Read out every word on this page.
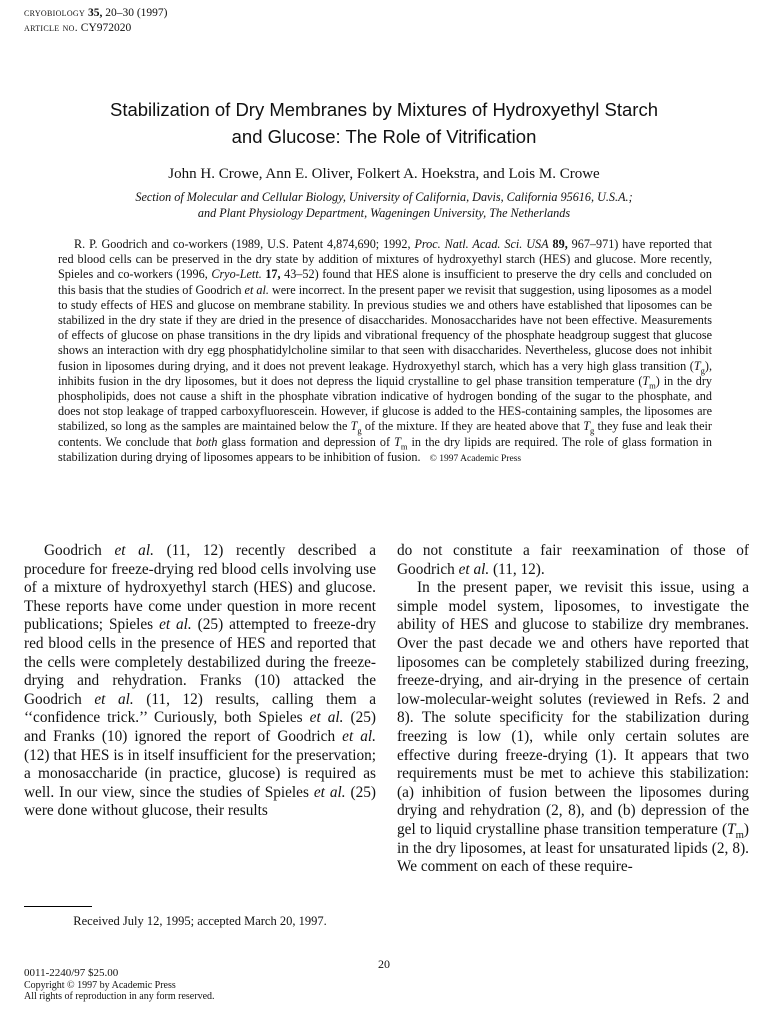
cryobiology 35, 20–30 (1997)
article no. CY972020
Stabilization of Dry Membranes by Mixtures of Hydroxyethyl Starch
and Glucose: The Role of Vitrification
John H. Crowe, Ann E. Oliver, Folkert A. Hoekstra, and Lois M. Crowe
Section of Molecular and Cellular Biology, University of California, Davis, California 95616, U.S.A.;
and Plant Physiology Department, Wageningen University, The Netherlands
R. P. Goodrich and co-workers (1989, U.S. Patent 4,874,690; 1992, Proc. Natl. Acad. Sci. USA 89, 967–971) have reported that red blood cells can be preserved in the dry state by addition of mixtures of hydroxyethyl starch (HES) and glucose. More recently, Spieles and co-workers (1996, Cryo-Lett. 17, 43–52) found that HES alone is insufficient to preserve the dry cells and concluded on this basis that the studies of Goodrich et al. were incorrect. In the present paper we revisit that suggestion, using liposomes as a model to study effects of HES and glucose on membrane stability. In previous studies we and others have established that liposomes can be stabilized in the dry state if they are dried in the presence of disaccharides. Monosaccharides have not been effective. Measurements of effects of glucose on phase transitions in the dry lipids and vibrational frequency of the phosphate headgroup suggest that glucose shows an interaction with dry egg phosphatidylcholine similar to that seen with disaccharides. Nevertheless, glucose does not inhibit fusion in liposomes during drying, and it does not prevent leakage. Hydroxyethyl starch, which has a very high glass transition $(T_g)$, inhibits fusion in the dry liposomes, but it does not depress the liquid crystalline to gel phase transition temperature $(T_m)$ in the dry phospholipids, does not cause a shift in the phosphate vibration indicative of hydrogen bonding of the sugar to the phosphate, and does not stop leakage of trapped carboxyfluorescein. However, if glucose is added to the HES-containing samples, the liposomes are stabilized, so long as the samples are maintained below the $T_g$ of the mixture. If they are heated above that $T_g$ they fuse and leak their contents. We conclude that both glass formation and depression of $T_m$ in the dry lipids are required. The role of glass formation in stabilization during drying of liposomes appears to be inhibition of fusion. © 1997 Academic Press

Goodrich et al. (11, 12) recently described a procedure for freeze-drying red blood cells involving use of a mixture of hydroxyethyl starch (HES) and glucose. These reports have come under question in more recent publications; Spieles et al. (25) attempted to freeze-dry red blood cells in the presence of HES and reported that the cells were completely destabilized during the freeze-drying and rehydration. Franks (10) attacked the Goodrich et al. (11, 12) results, calling them a ‘‘confidence trick.’’ Curiously, both Spieles et al. (25) and Franks (10) ignored the report of Goodrich et al. (12) that HES is in itself insufficient for the preservation; a monosaccharide (in practice, glucose) is required as well. In our view, since the studies of Spieles et al. (25) were done without glucose, their results

do not constitute a fair reexamination of those of Goodrich et al. (11, 12).

In the present paper, we revisit this issue, using a simple model system, liposomes, to investigate the ability of HES and glucose to stabilize dry membranes. Over the past decade we and others have reported that liposomes can be completely stabilized during freezing, freeze-drying, and air-drying in the presence of certain low-molecular-weight solutes (reviewed in Refs. 2 and 8). The solute specificity for the stabilization during freezing is low (1), while only certain solutes are effective during freeze-drying (1). It appears that two requirements must be met to achieve this stabilization: (a) inhibition of fusion between the liposomes during drying and rehydration (2, 8), and (b) depression of the gel to liquid crystalline phase transition temperature $(T_m)$ in the dry liposomes, at least for unsaturated lipids (2, 8). We comment on each of these require-

Received July 12, 1995; accepted March 20, 1997.
20
0011-2240/97 $25.00
Copyright © 1997 by Academic Press
All rights of reproduction in any form reserved.
